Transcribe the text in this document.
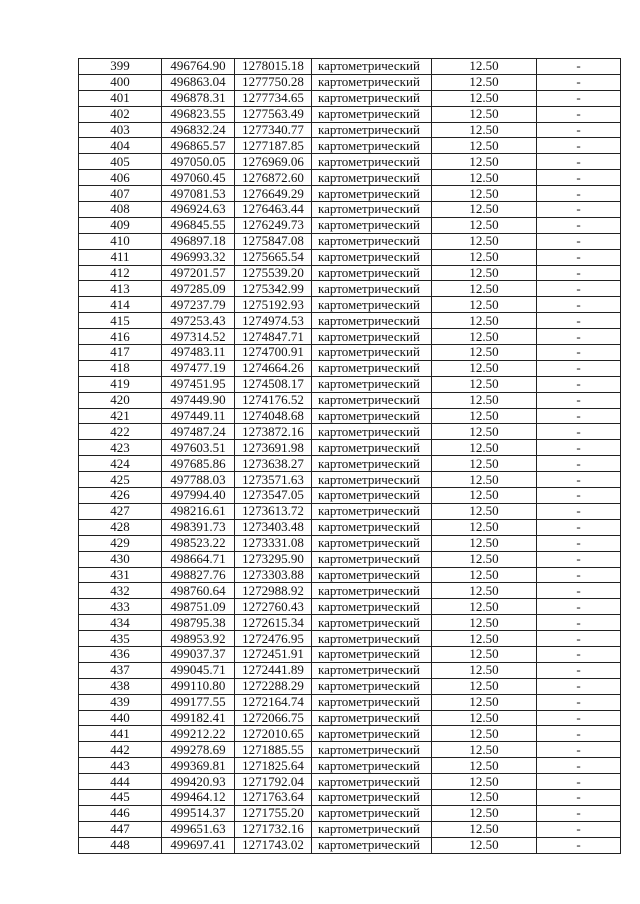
399	496764.90	1278015.18	картометрический	12.50	-
400	496863.04	1277750.28	картометрический	12.50	-
401	496878.31	1277734.65	картометрический	12.50	-
402	496823.55	1277563.49	картометрический	12.50	-
403	496832.24	1277340.77	картометрический	12.50	-
404	496865.57	1277187.85	картометрический	12.50	-
405	497050.05	1276969.06	картометрический	12.50	-
406	497060.45	1276872.60	картометрический	12.50	-
407	497081.53	1276649.29	картометрический	12.50	-
408	496924.63	1276463.44	картометрический	12.50	-
409	496845.55	1276249.73	картометрический	12.50	-
410	496897.18	1275847.08	картометрический	12.50	-
411	496993.32	1275665.54	картометрический	12.50	-
412	497201.57	1275539.20	картометрический	12.50	-
413	497285.09	1275342.99	картометрический	12.50	-
414	497237.79	1275192.93	картометрический	12.50	-
415	497253.43	1274974.53	картометрический	12.50	-
416	497314.52	1274847.71	картометрический	12.50	-
417	497483.11	1274700.91	картометрический	12.50	-
418	497477.19	1274664.26	картометрический	12.50	-
419	497451.95	1274508.17	картометрический	12.50	-
420	497449.90	1274176.52	картометрический	12.50	-
421	497449.11	1274048.68	картометрический	12.50	-
422	497487.24	1273872.16	картометрический	12.50	-
423	497603.51	1273691.98	картометрический	12.50	-
424	497685.86	1273638.27	картометрический	12.50	-
425	497788.03	1273571.63	картометрический	12.50	-
426	497994.40	1273547.05	картометрический	12.50	-
427	498216.61	1273613.72	картометрический	12.50	-
428	498391.73	1273403.48	картометрический	12.50	-
429	498523.22	1273331.08	картометрический	12.50	-
430	498664.71	1273295.90	картометрический	12.50	-
431	498827.76	1273303.88	картометрический	12.50	-
432	498760.64	1272988.92	картометрический	12.50	-
433	498751.09	1272760.43	картометрический	12.50	-
434	498795.38	1272615.34	картометрический	12.50	-
435	498953.92	1272476.95	картометрический	12.50	-
436	499037.37	1272451.91	картометрический	12.50	-
437	499045.71	1272441.89	картометрический	12.50	-
438	499110.80	1272288.29	картометрический	12.50	-
439	499177.55	1272164.74	картометрический	12.50	-
440	499182.41	1272066.75	картометрический	12.50	-
441	499212.22	1272010.65	картометрический	12.50	-
442	499278.69	1271885.55	картометрический	12.50	-
443	499369.81	1271825.64	картометрический	12.50	-
444	499420.93	1271792.04	картометрический	12.50	-
445	499464.12	1271763.64	картометрический	12.50	-
446	499514.37	1271755.20	картометрический	12.50	-
447	499651.63	1271732.16	картометрический	12.50	-
448	499697.41	1271743.02	картометрический	12.50	-
